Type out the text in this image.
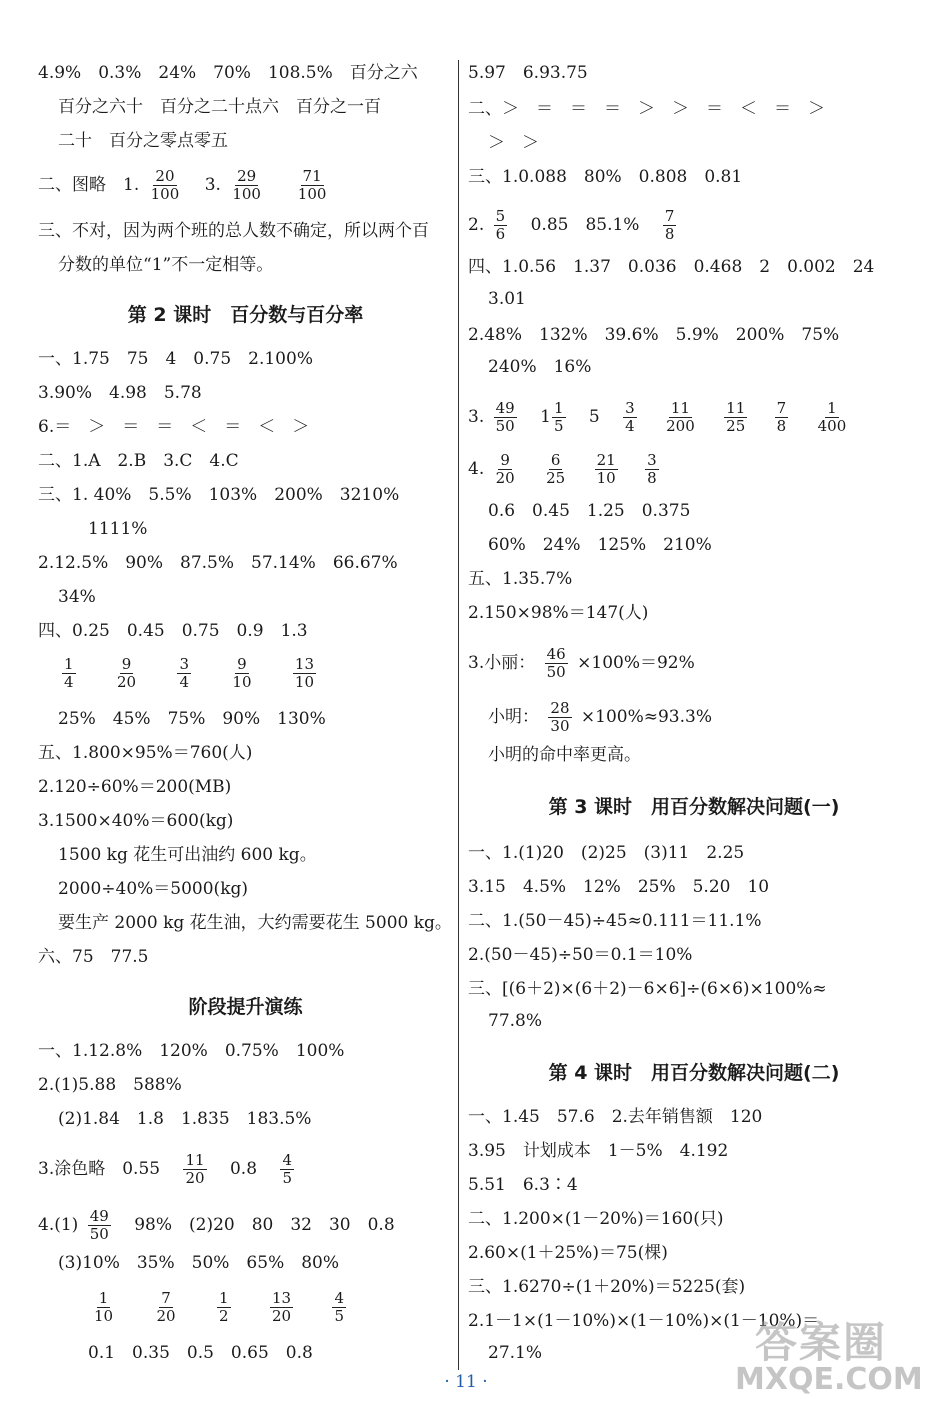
4.9%　0.3%　24%　70%　108.5%　百分之六
百分之六十　百分之二十点六　百分之一百
二十　百分之零点零五
二、图略　1. $\frac{20}{100} 3$. $\frac{29}{100}$
$\frac{71}{100}$
三、不对，因为两个班的总人数不确定，所以两个百
分数的单位“1”不一定相等。
第 2 课时　百分数与百分率
一、1.75　75　4　0.75　2.100%
3.90%　4.98　5.78
6.＝　＞　＝　＝　＜　＝　＜　＞
二、1.A　2.B　3.C　4.C
三、1. 40%　5.5%　103%　200%　3210%
1111%
2.12.5%　90%　87.5%　57.14%　66.67%
34%
四、0.25　0.45　0.75　0.9　1.3
$\frac{1}{4}$
	$\frac{9}{20}$
	$\frac{3}{4}$
	$\frac{9}{10}$
	$\frac{13}{10}$
25%　45%　75%　90%　130%
五、1.800×95%＝760(人)
2.120÷60%＝200(MB)
3.1500×40%＝600(kg)
1500 kg 花生可出油约 600 kg。
2000÷40%＝5000(kg)
要生产 2000 kg 花生油，大约需要花生 5000 kg。
六、75　77.5
阶段提升演练
一、1.12.8%　120%　0.75%　100%
2.(1)5.88　588%
(2)1.84　1.8　1.835　183.5%
3.涂色略　$0.55 \frac{11}{20} 0.8 \frac{4}{5}$
$4.(1) \frac{49}{50} 98\%$　(2)20　80　32　30　0.8
(3)10%　35%　50%　65%　80%
$\frac{1}{10}$
	$\frac{7}{20}$
	$\frac{1}{2}$
	$\frac{13}{20}$
	$\frac{4}{5}$
0.1　0.35　0.5　0.65　0.8
5.97　6.93.75
二、＞　＝　＝　＝　＞　＞　＝　＜　＝　＞
＞　＞
三、1.0.088　80%　0.808　0.81
2. $\frac{5}{6} 0.85$　$85.1\% \frac{7}{8}$
四、1.0.56　1.37　0.036　0.468　2　0.002　24
3.01
2.48%　132%　39.6%　5.9%　200%　75%
240%　16%
3. $\frac{49}{50} 1 \frac{1}{5} 5 \frac{3}{4}$
$\frac{11}{200}$
$\frac{11}{25}$
$\frac{7}{8}$
$\frac{1}{400}$
4. $\frac{9}{20}$
$\frac{6}{25}$
$\frac{21}{10}$
$\frac{3}{8}$
0.6　0.45　1.25　0.375
60%　24%　125%　210%
五、1.35.7%
2.150×98%＝147(人)
3.小丽： $\frac{46}{50} \times 100\%=92\%$
小明： $\frac{28}{30} \times 100\%\approx 93.3\%$
小明的命中率更高。
第 3 课时　用百分数解决问题(一)
一、1.(1)20　(2)25　(3)11　2.25
3.15　4.5%　12%　25%　5.20　10
二、1.(50－45)÷45≈0.111＝11.1%
2.(50－45)÷50＝0.1＝10%
三、[(6＋2)×(6＋2)－6×6]÷(6×6)×100%≈
77.8%
第 4 课时　用百分数解决问题(二)
一、1.45　57.6　2.去年销售额　120
3.95　计划成本　1－5%　4.192
5.51　6.3∶4
二、1.200×(1－20%)＝160(只)
2.60×(1＋25%)＝75(棵)
三、1.6270÷(1＋20%)＝5225(套)
2.1－1×(1－10%)×(1－10%)×(1－10%)＝
27.1%
· 11 ·
答案圈
MXQE.COM
